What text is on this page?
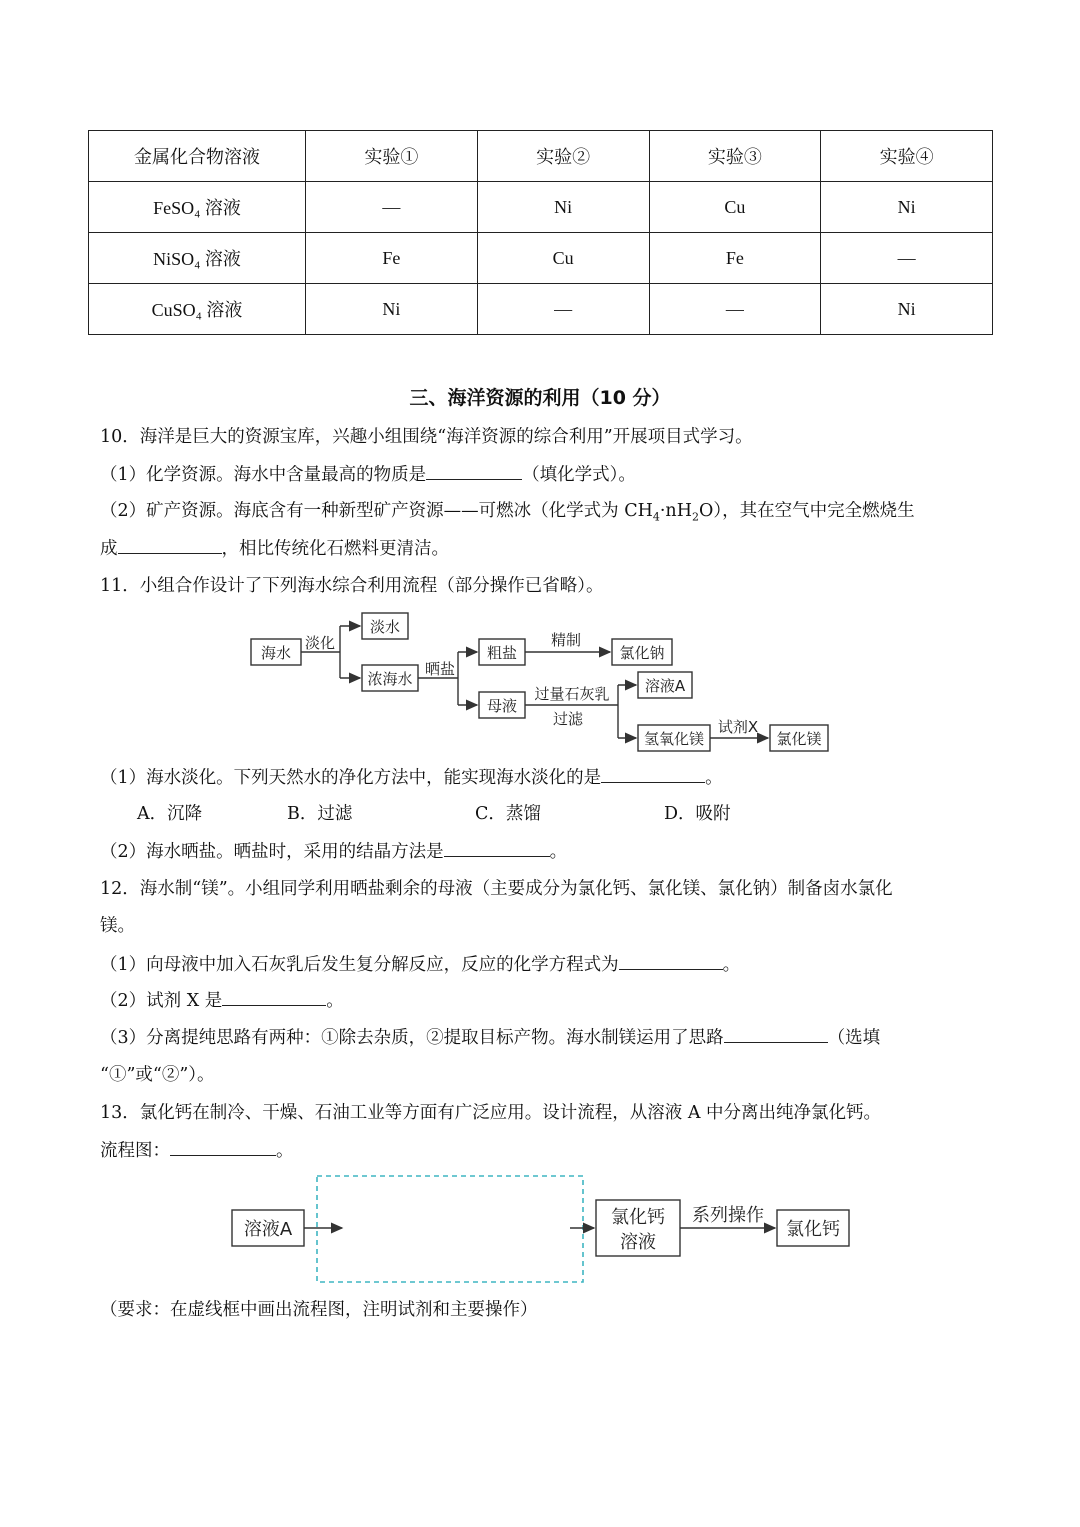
金属化合物溶液	实验①	实验②	实验③	实验④
FeSO₄ 溶液	—	Ni	Cu	Ni
NiSO₄ 溶液	Fe	Cu	Fe	—
CuSO₄ 溶液	Ni	—	—	Ni
三、海洋资源的利用（10 分）
10．海洋是巨大的资源宝库，兴趣小组围绕“海洋资源的综合利用”开展项目式学习。
（1）化学资源。海水中含量最高的物质是	（填化学式）。
（2）矿产资源。海底含有一种新型矿产资源——可燃冰（化学式为 $CH_4\cdot nH_2O$），其在空气中完全燃烧生
成	，相比传统化石燃料更清洁。
11．小组合作设计了下列海水综合利用流程（部分操作已省略）。
海水
淡化
淡水
浓海水
晒盐
粗盐
精制
氯化钠
母液
过量石灰乳
过滤
溶液A
氢氧化镁
试剂X
氯化镁
溶液A
氯化钙
溶液
系列操作
氯化钙
（1）海水淡化。下列天然水的净化方法中，能实现海水淡化的是	。
A．沉降	B．过滤	C．蒸馏	D．吸附
（2）海水晒盐。晒盐时，采用的结晶方法是	。
12．海水制“镁”。小组同学利用晒盐剩余的母液（主要成分为氯化钙、氯化镁、氯化钠）制备卤水氯化
镁。
（1）向母液中加入石灰乳后发生复分解反应，反应的化学方程式为	。
（2）试剂 X 是	。
（3）分离提纯思路有两种：①除去杂质，②提取目标产物。海水制镁运用了思路	（选填
“①”或“②”）。
13．氯化钙在制冷、干燥、石油工业等方面有广泛应用。设计流程，从溶液 A 中分离出纯净氯化钙。
流程图：	。
（要求：在虚线框中画出流程图，注明试剂和主要操作）
